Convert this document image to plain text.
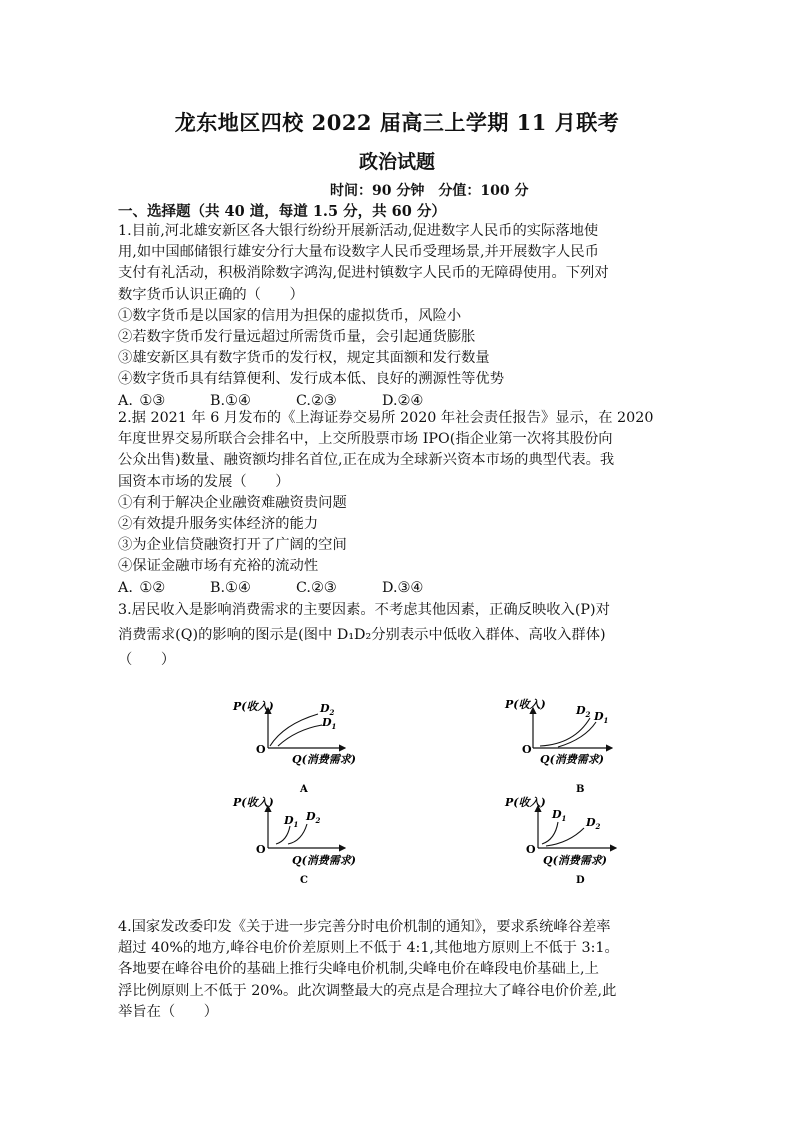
龙东地区四校 2022 届高三上学期 11 月联考
政治试题
时间：90 分钟　分值：100 分
一、选择题（共 40 道，每道 1.5 分，共 60 分）
1.目前,河北雄安新区各大银行纷纷开展新活动,促进数字人民币的实际落地使
用,如中国邮储银行雄安分行大量布设数字人民币受理场景,并开展数字人民币
支付有礼活动，积极消除数字鸿沟,促进村镇数字人民币的无障碍使用。下列对
数字货币认识正确的（　　）
①数字货币是以国家的信用为担保的虚拟货币，风险小
②若数字货币发行量远超过所需货币量，会引起通货膨胀
③雄安新区具有数字货币的发行权，规定其面额和发行数量
④数字货币具有结算便利、发行成本低、良好的溯源性等优势
A. ①③	B.①④	C.②③	D.②④
2.据 2021 年 6 月发布的《上海证券交易所 2020 年社会责任报告》显示，在 2020
年度世界交易所联合会排名中，上交所股票市场 IPO(指企业第一次将其股份向
公众出售)数量、融资额均排名首位,正在成为全球新兴资本市场的典型代表。我
国资本市场的发展（　　）
①有利于解决企业融资难融资贵问题
②有效提升服务实体经济的能力
③为企业信贷融资打开了广阔的空间
④保证金融市场有充裕的流动性
A. ①②	B.①④	C.②③	D.③④
3.居民收入是影响消费需求的主要因素。不考虑其他因素，正确反映收入(P)对
消费需求(Q)的影响的图示是(图中 D₁D₂分别表示中低收入群体、高收入群体)
（　　）
P(收入)
O
Q(消费需求)
$D_2$
$D_1$
A
P(收入)
O
Q(消费需求)
$D_2$ $D_1$
B
P(收入)
O
Q(消费需求)
$D_1$
$D_2$
C
P(收入)
O
Q(消费需求)
$D_1$ $D_2$
D
4.国家发改委印发《关于进一步完善分时电价机制的通知》，要求系统峰谷差率
超过 40%的地方,峰谷电价价差原则上不低于 4:1,其他地方原则上不低于 3:1。
各地要在峰谷电价的基础上推行尖峰电价机制,尖峰电价在峰段电价基础上,上
浮比例原则上不低于 20%。此次调整最大的亮点是合理拉大了峰谷电价价差,此
举旨在（　　）
